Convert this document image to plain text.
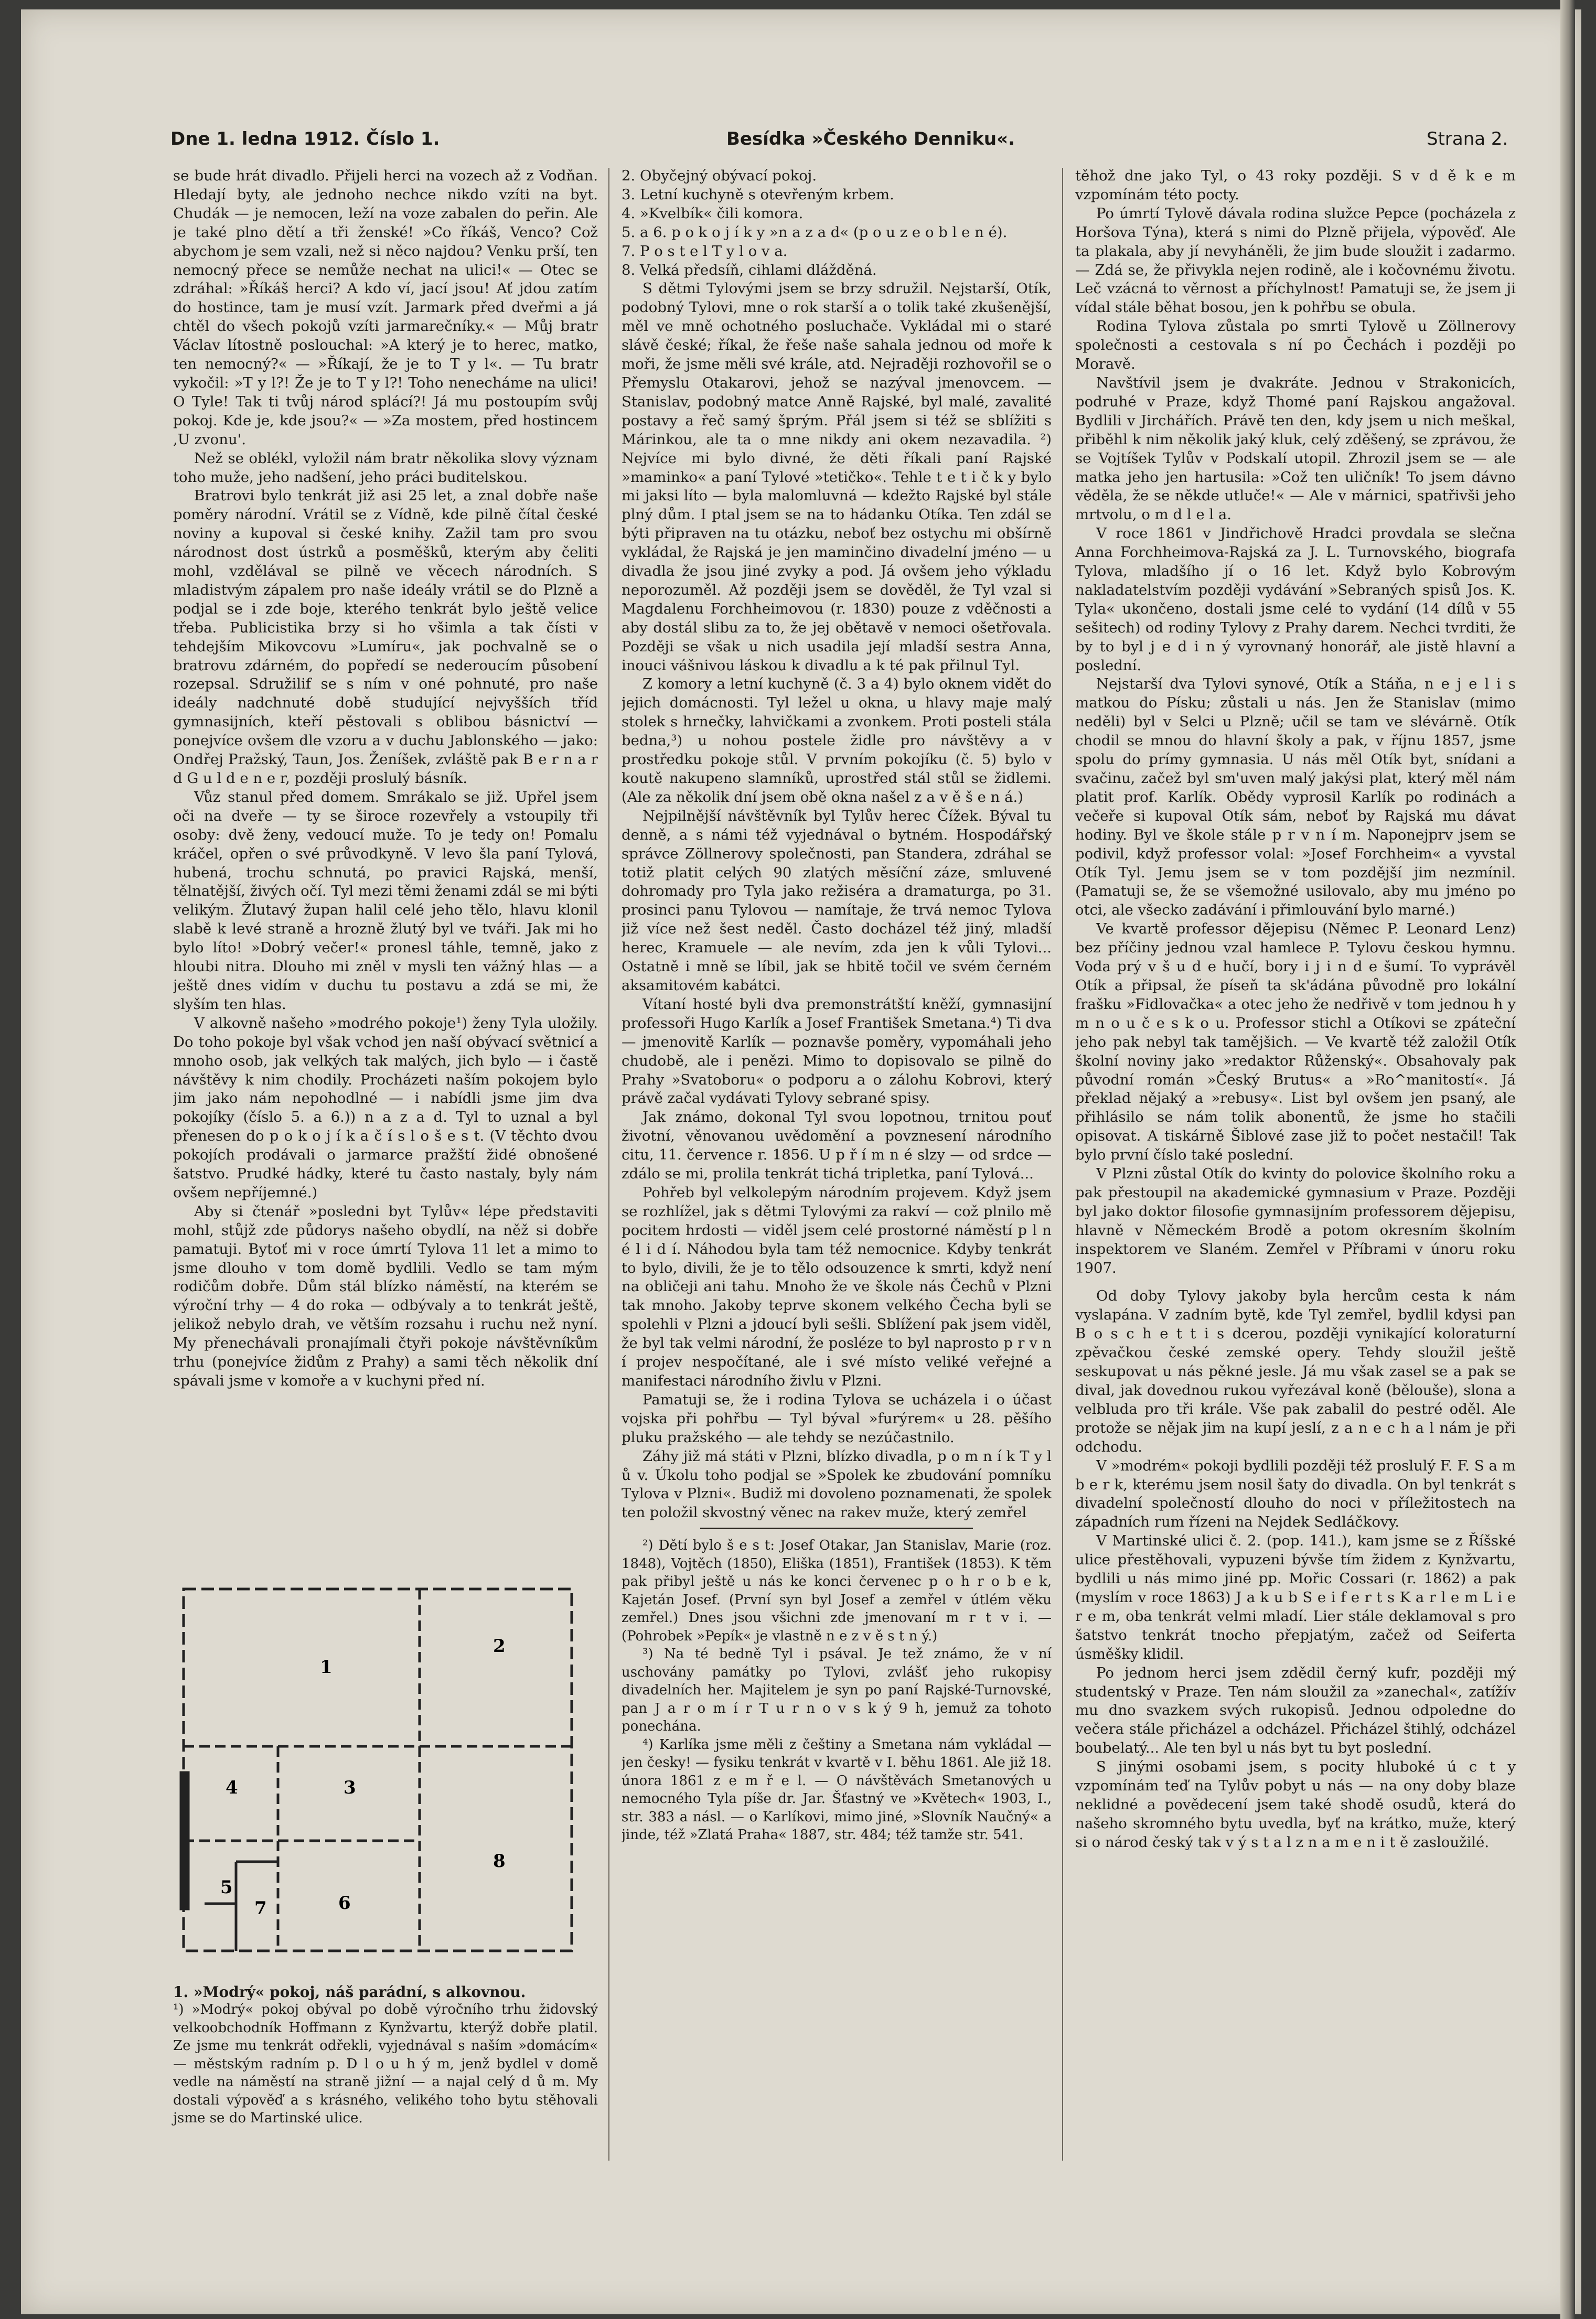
Dne 1. ledna 1912. Číslo 1.	Besídka »Českého Denniku«.	Strana 2.

se bude hrát divadlo. Přijeli herci na vozech až z Vodňan. Hledají byty, ale jednoho nechce nikdo vzíti na byt. Chudák — je nemocen, leží na voze zabalen do peřin. Ale je také plno dětí a tři ženské! »Co říkáš, Venco? Což abychom je sem vzali, než si něco najdou? Venku prší, ten nemocný přece se nemůže nechat na ulici!« — Otec se zdráhal: »Říkáš herci? A kdo ví, jací jsou! Ať jdou zatím do hostince, tam je musí vzít. Jarmark před dveřmi a já chtěl do všech pokojů vzíti jarmarečníky.« — Můj bratr Václav lítostně poslouchal: »A který je to herec, matko, ten nemocný?« — »Říkají, že je to T y l«. — Tu bratr vykočil: »T y l?! Že je to T y l?! Toho nenecháme na ulici! O Tyle! Tak ti tvůj národ splácí?! Já mu postoupím svůj pokoj. Kde je, kde jsou?« — »Za mostem, před hostincem ,U zvonu'.

Než se oblékl, vyložil nám bratr několika slovy význam toho muže, jeho nadšení, jeho práci buditelskou.

Bratrovi bylo tenkrát již asi 25 let, a znal dobře naše poměry národní. Vrátil se z Vídně, kde pilně čítal české noviny a kupoval si české knihy. Zažil tam pro svou národnost dost ústrků a posměšků, kterým aby čeliti mohl, vzdělával se pilně ve věcech národních. S mladistvým zápalem pro naše ideály vrátil se do Plzně a podjal se i zde boje, kterého tenkrát bylo ještě velice třeba. Publicistika brzy si ho všimla a tak čísti v tehdejším Mikovcovu »Lumíru«, jak pochvalně se o bratrovu zdárném, do popředí se nederoucím působení rozepsal. Sdružilif se s ním v oné pohnuté, pro naše ideály nadchnuté době studující nejvyšších tříd gymnasijních, kteří pěstovali s oblibou básnictví — ponejvíce ovšem dle vzoru a v duchu Jablonského — jako: Ondřej Pražský, Taun, Jos. Ženíšek, zvláště pak B e r n a r d G u l d e n e r, později proslulý básník.

Vůz stanul před domem. Smrákalo se již. Upřel jsem oči na dveře — ty se široce rozevřely a vstoupily tři osoby: dvě ženy, vedoucí muže. To je tedy on! Pomalu kráčel, opřen o své průvodkyně. V levo šla paní Tylová, hubená, trochu schnutá, po pravici Rajská, menší, tělnatější, živých očí. Tyl mezi těmi ženami zdál se mi býti velikým. Žlutavý župan halil celé jeho tělo, hlavu klonil slabě k levé straně a hrozně žlutý byl ve tváři. Jak mi ho bylo líto! »Dobrý večer!« pronesl táhle, temně, jako z hloubi nitra. Dlouho mi zněl v mysli ten vážný hlas — a ještě dnes vidím v duchu tu postavu a zdá se mi, že slyším ten hlas.

V alkovně našeho »modrého pokoje¹) ženy Tyla uložily. Do toho pokoje byl však vchod jen naší obývací světnicí a mnoho osob, jak velkých tak malých, jich bylo — i častě návštěvy k nim chodily. Procházeti naším pokojem bylo jim jako nám nepohodlné — i nabídli jsme jim dva pokojíky (číslo 5. a 6.)) n a z a d. Tyl to uznal a byl přenesen do p o k o j í k a č í s l o š e s t. (V těchto dvou pokojích prodávali o jarmarce pražští židé obnošené šatstvo. Prudké hádky, které tu často nastaly, byly nám ovšem nepříjemné.)

Aby si čtenář »posledni byt Tylův« lépe představiti mohl, stůjž zde půdorys našeho obydlí, na něž si dobře pamatuji. Bytoť mi v roce úmrtí Tylova 11 let a mimo to jsme dlouho v tom domě bydlili. Vedlo se tam mým rodičům dobře. Dům stál blízko náměstí, na kterém se výroční trhy — 4 do roka — odbývaly a to tenkrát ještě, jelikož nebylo drah, ve větším rozsahu i ruchu než nyní. My přenechávali pronajímali čtyři pokoje návštěvníkům trhu (ponejvíce židům z Prahy) a sami těch několik dní spávali jsme v komoře a v kuchyni před ní.

1
2
3
4
5
6
7
8
1. »Modrý« pokoj, náš parádní, s alkovnou.
¹) »Modrý« pokoj obýval po době výročního trhu židovský velkoobchodník Hoffmann z Kynžvartu, kterýž dobře platil. Ze jsme mu tenkrát odřekli, vyjednával s naším »domácím« — městským radním p. D l o u h ý m, jenž bydlel v domě vedle na náměstí na straně jižní — a najal celý d ů m. My dostali výpověď a s krásného, velikého toho bytu stěhovali jsme se do Martinské ulice.

2. Obyčejný obývací pokoj.

3. Letní kuchyně s otevřeným krbem.

4. »Kvelbík« čili komora.

5. a 6. p o k o j í k y »n a z a d« (p o u z e o b l e n é).

7. P o s t e l T y l o v a.

8. Velká předsíň, cihlami dlážděná.

S dětmi Tylovými jsem se brzy sdružil. Nejstarší, Otík, podobný Tylovi, mne o rok starší a o tolik také zkušenější, měl ve mně ochotného posluchače. Vykládal mi o staré slávě české; říkal, že řeše naše sahala jednou od moře k moři, že jsme měli své krále, atd. Nejraději rozhovořil se o Přemyslu Otakarovi, jehož se nazýval jmenovcem. — Stanislav, podobný matce Anně Rajské, byl malé, zavalité postavy a řeč samý šprým. Přál jsem si též se sblížiti s Márinkou, ale ta o mne nikdy ani okem nezavadila. ²) Nejvíce mi bylo divné, že děti říkali paní Rajské »maminko« a paní Tylové »tetičko«. Tehle t e t i č k y bylo mi jaksi líto — byla malomluvná — kdežto Rajské byl stále plný dům. I ptal jsem se na to hádanku Otíka. Ten zdál se býti připraven na tu otázku, neboť bez ostychu mi obšírně vykládal, že Rajská je jen maminčino divadelní jméno — u divadla že jsou jiné zvyky a pod. Já ovšem jeho výkladu neporozuměl. Až později jsem se dověděl, že Tyl vzal si Magdalenu Forchheimovou (r. 1830) pouze z vděčnosti a aby dostál slibu za to, že jej obětavě v nemoci ošetřovala. Později se však u nich usadila její mladší sestra Anna, inouci vášnivou láskou k divadlu a k té pak přilnul Tyl.

Z komory a letní kuchyně (č. 3 a 4) bylo oknem vidět do jejich domácnosti. Tyl ležel u okna, u hlavy maje malý stolek s hrnečky, lahvičkami a zvonkem. Proti posteli stála bedna,³) u nohou postele židle pro návštěvy a v prostředku pokoje stůl. V prvním pokojíku (č. 5) bylo v koutě nakupeno slamníků, uprostřed stál stůl se židlemi. (Ale za několik dní jsem obě okna našel z a v ě š e n á.)

Nejpilnější návštěvník byl Tylův herec Čížek. Býval tu denně, a s námi též vyjednával o bytném. Hospodářský správce Zöllnerovy společnosti, pan Standera, zdráhal se totiž platit celých 90 zlatých měsíční záze, smluvené dohromady pro Tyla jako režiséra a dramaturga, po 31. prosinci panu Tylovou — namítaje, že trvá nemoc Tylova již více než šest neděl. Často docházel též jiný, mladší herec, Kramuele — ale nevím, zda jen k vůli Tylovi... Ostatně i mně se líbil, jak se hbitě točil ve svém černém aksamitovém kabátci.

Vítaní hosté byli dva premonstrátští kněží, gymnasijní professoři Hugo Karlík a Josef František Smetana.⁴) Ti dva — jmenovitě Karlík — poznavše poměry, vypomáhali jeho chudobě, ale i penězi. Mimo to dopisovalo se pilně do Prahy »Svatoboru« o podporu a o zálohu Kobrovi, který právě začal vydávati Tylovy sebrané spisy.

Jak známo, dokonal Tyl svou lopotnou, trnitou pouť životní, věnovanou uvědomění a povznesení národního citu, 11. července r. 1856. U p ř í m n é slzy — od srdce — zdálo se mi, prolila tenkrát tichá tripletka, paní Tylová...

Pohřeb byl velkolepým národním projevem. Když jsem se rozhlížel, jak s dětmi Tylovými za rakví — což plnilo mě pocitem hrdosti — viděl jsem celé prostorné náměstí p l n é l i d í. Náhodou byla tam též nemocnice. Kdyby tenkrát to bylo, divili, že je to tělo odsouzence k smrti, když není na obličeji ani tahu. Mnoho že ve škole nás Čechů v Plzni tak mnoho. Jakoby teprve skonem velkého Čecha byli se spolehli v Plzni a jdoucí byli sešli. Sblížení pak jsem viděl, že byl tak velmi národní, že posléze to byl naprosto p r v n í projev nespočítané, ale i své místo veliké veřejné a manifestaci národního živlu v Plzni.

Pamatuji se, že i rodina Tylova se ucházela i o účast vojska při pohřbu — Tyl býval »furýrem« u 28. pěšího pluku pražského — ale tehdy se nezúčastnilo.

Záhy již má státi v Plzni, blízko divadla, p o m n í k T y l ů v. Úkolu toho podjal se »Spolek ke zbudování pomníku Tylova v Plzni«. Budiž mi dovoleno poznamenati, že spolek ten položil skvostný věnec na rakev muže, který zemřel

²) Dětí bylo š e s t: Josef Otakar, Jan Stanislav, Marie (roz. 1848), Vojtěch (1850), Eliška (1851), František (1853). K těm pak přibyl ještě u nás ke konci červenec p o h r o b e k, Kajetán Josef. (První syn byl Josef a zemřel v útlém věku zemřel.) Dnes jsou všichni zde jmenovaní m r t v i. — (Pohrobek »Pepík« je vlastně n e z v ě s t n ý.)

³) Na té bedně Tyl i psával. Je tež známo, že v ní uschovány památky po Tylovi, zvlášť jeho rukopisy divadelních her. Majitelem je syn po paní Rajské-Turnovské, pan J a r o m í r T u r n o v s k ý 9 h, jemuž za tohoto ponechána.

⁴) Karlíka jsme měli z češtiny a Smetana nám vykládal — jen česky! — fysiku tenkrát v kvartě v I. běhu 1861. Ale již 18. února 1861 z e m ř e l. — O návštěvách Smetanových u nemocného Tyla píše dr. Jar. Šťastný ve »Květech« 1903, I., str. 383 a násl. — o Karlíkovi, mimo jiné, »Slovník Naučný« a jinde, též »Zlatá Praha« 1887, str. 484; též tamže str. 541.

těhož dne jako Tyl, o 43 roky později. S v d ě k e m vzpomínám této pocty.

Po úmrtí Tylově dávala rodina služce Pepce (pocházela z Horšova Týna), která s nimi do Plzně přijela, výpověď. Ale ta plakala, aby jí nevyháněli, že jim bude sloužit i zadarmo. — Zdá se, že přivykla nejen rodině, ale i kočovnému životu. Leč vzácná to věrnost a příchylnost! Pamatuji se, že jsem ji vídal stále běhat bosou, jen k pohřbu se obula.

Rodina Tylova zůstala po smrti Tylově u Zöllnerovy společnosti a cestovala s ní po Čechách i později po Moravě.

Navštívil jsem je dvakráte. Jednou v Strakonicích, podruhé v Praze, když Thomé paní Rajskou angažoval. Bydlili v Jirchářích. Právě ten den, kdy jsem u nich meškal, přiběhl k nim několik jaký kluk, celý zděšený, se zprávou, že se Vojtíšek Tylův v Podskalí utopil. Zhrozil jsem se — ale matka jeho jen hartusila: »Což ten uličník! To jsem dávno věděla, že se někde utluče!« — Ale v márnici, spatřivši jeho mrtvolu, o m d l e l a.

V roce 1861 v Jindřichově Hradci provdala se slečna Anna Forchheimova-Rajská za J. L. Turnovského, biografa Tylova, mladšího jí o 16 let. Když bylo Kobrovým nakladatelstvím později vydávání »Sebraných spisů Jos. K. Tyla« ukončeno, dostali jsme celé to vydání (14 dílů v 55 sešitech) od rodiny Tylovy z Prahy darem. Nechci tvrditi, že by to byl j e d i n ý vyrovnaný honorář, ale jistě hlavní a poslední.

Nejstarší dva Tylovi synové, Otík a Stáňa, n e j e l i s matkou do Písku; zůstali u nás. Jen že Stanislav (mimo neděli) byl v Selci u Plzně; učil se tam ve slévárně. Otík chodil se mnou do hlavní školy a pak, v říjnu 1857, jsme spolu do prímy gymnasia. U nás měl Otík byt, snídani a svačinu, začež byl sm'uven malý jakýsi plat, který měl nám platit prof. Karlík. Obědy vyprosil Karlík po rodinách a večeře si kupoval Otík sám, neboť by Rajská mu dávat hodiny. Byl ve škole stále p r v n í m. Naponejprv jsem se podivil, když professor volal: »Josef Forchheim« a vyvstal Otík Tyl. Jemu jsem se v tom pozdější jim nezmínil. (Pamatuji se, že se všemožné usilovalo, aby mu jméno po otci, ale všecko zadávání i přimlouvání bylo marné.)

Ve kvartě professor dějepisu (Němec P. Leonard Lenz) bez příčiny jednou vzal hamlece P. Tylovu českou hymnu. Voda prý v š u d e hučí, bory i j i n d e šumí. To vyprávěl Otík a připsal, že píseň ta sk'ádána původně pro lokální frašku »Fidlovačka« a otec jeho že nedřivě v tom jednou h y m n o u č e s k o u. Professor stichl a Otíkovi se zpáteční jeho pak nebyl tak tamějšich. — Ve kvartě též založil Otík školní noviny jako »redaktor Růženský«. Obsahovaly pak původní román »Český Brutus« a »Ro^manitostí«. Já překlad nějaký a »rebusy«. List byl ovšem jen psaný, ale přihlásilo se nám tolik abonentů, že jsme ho stačili opisovat. A tiskárně Šiblové zase již to počet nestačil! Tak bylo první číslo také poslední.

V Plzni zůstal Otík do kvinty do polovice školního roku a pak přestoupil na akademické gymnasium v Praze. Později byl jako doktor filosofie gymnasijním professorem dějepisu, hlavně v Německém Brodě a potom okresním školním inspektorem ve Slaném. Zemřel v Příbrami v únoru roku 1907.

Od doby Tylovy jakoby byla hercům cesta k nám vyslapána. V zadním bytě, kde Tyl zemřel, bydlil kdysi pan B o s c h e t t i s dcerou, později vynikající koloraturní zpěvačkou české zemské opery. Tehdy sloužil ještě seskupovat u nás pěkné jesle. Já mu však zasel se a pak se dival, jak dovednou rukou vyřezával koně (bělouše), slona a velbluda pro tři krále. Vše pak zabalil do pestré oděl. Ale protože se nějak jim na kupí jeslí, z a n e c h a l nám je při odchodu.

V »modrém« pokoji bydlili později též proslulý F. F. S a m b e r k, kterému jsem nosil šaty do divadla. On byl tenkrát s divadelní společností dlouho do noci v příležitostech na západních rum řízeni na Nejdek Sedláčkovy.

V Martinské ulici č. 2. (pop. 141.), kam jsme se z Říšské ulice přestěhovali, vypuzeni bývše tím židem z Kynžvartu, bydlili u nás mimo jiné pp. Mořic Cossari (r. 1862) a pak (myslím v roce 1863) J a k u b S e i f e r t s K a r l e m L i e r e m, oba tenkrát velmi mladí. Lier stále deklamoval s pro šatstvo tenkrát tnocho přepjatým, začež od Seiferta úsměšky klidil.

Po jednom herci jsem zdědil černý kufr, později mý studentský v Praze. Ten nám sloužil za »zanechal«, zatížív mu dno svazkem svých rukopisů. Jednou odpoledne do večera stále přicházel a odcházel. Přicházel štihlý, odcházel boubelatý... Ale ten byl u nás byt tu byt poslední.

S jinými osobami jsem, s pocity hluboké ú c t y vzpomínám teď na Tylův pobyt u nás — na ony doby blaze neklidné a povědecení jsem také shodě osudů, která do našeho skromného bytu uvedla, byť na krátko, muže, který si o národ český tak v ý s t a l z n a m e n i t ě zasloužilé.
